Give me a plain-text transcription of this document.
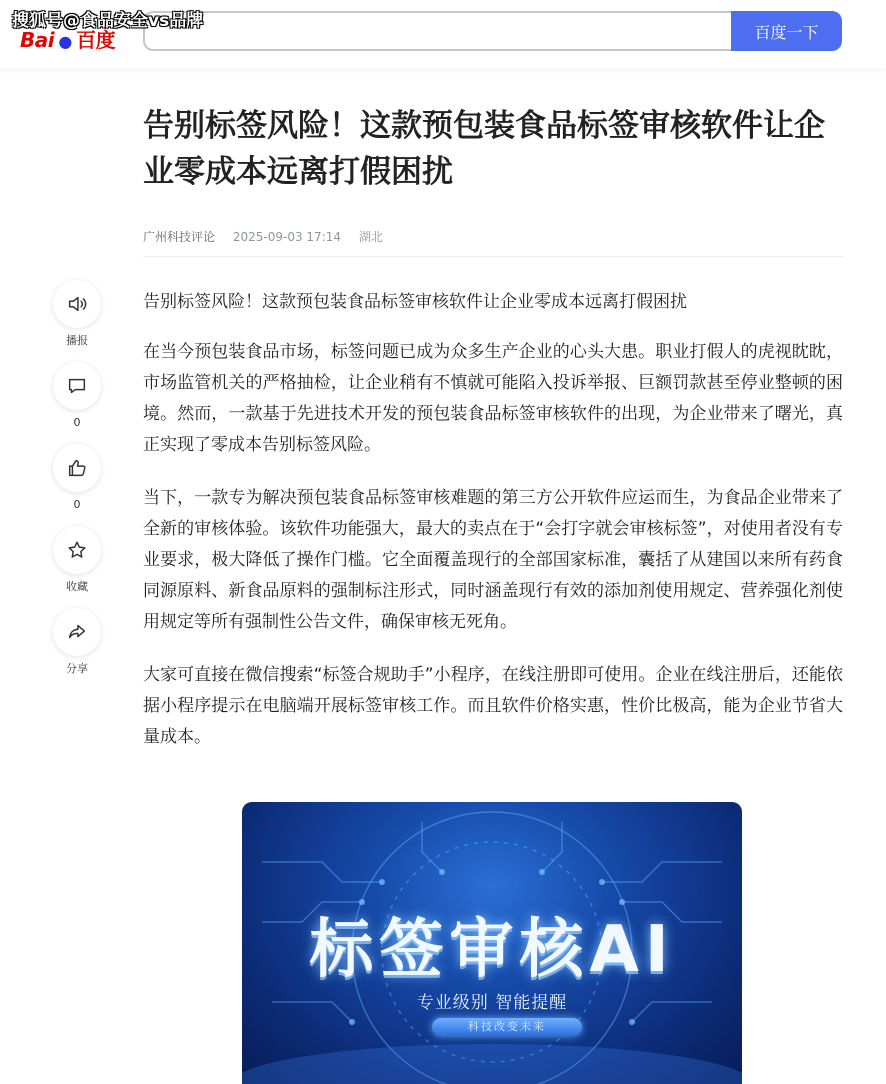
Bai ● 百度	百度一下
搜狐号@食品安全vs品牌
告别标签风险！这款预包装食品标签审核软件让企业零成本远离打假困扰
广州科技评论 2025-09-03 17:14 湖北
播报
0
0
收藏
分享

告别标签风险！这款预包装食品标签审核软件让企业零成本远离打假困扰

在当今预包装食品市场，标签问题已成为众多生产企业的心头大患。职业打假人的虎视眈眈，市场监管机关的严格抽检，让企业稍有不慎就可能陷入投诉举报、巨额罚款甚至停业整顿的困境。然而，一款基于先进技术开发的预包装食品标签审核软件的出现，为企业带来了曙光，真正实现了零成本告别标签风险。

当下，一款专为解决预包装食品标签审核难题的第三方公开软件应运而生，为食品企业带来了全新的审核体验。该软件功能强大，最大的卖点在于“会打字就会审核标签”，对使用者没有专业要求，极大降低了操作门槛。它全面覆盖现行的全部国家标准，囊括了从建国以来所有药食同源原料、新食品原料的强制标注形式，同时涵盖现行有效的添加剂使用规定、营养强化剂使用规定等所有强制性公告文件，确保审核无死角。

大家可直接在微信搜索“标签合规助手”小程序，在线注册即可使用。企业在线注册后，还能依据小程序提示在电脑端开展标签审核工作。而且软件价格实惠，性价比极高，能为企业节省大量成本。

标签审核AI
专业级别 智能提醒
科技改变未来
